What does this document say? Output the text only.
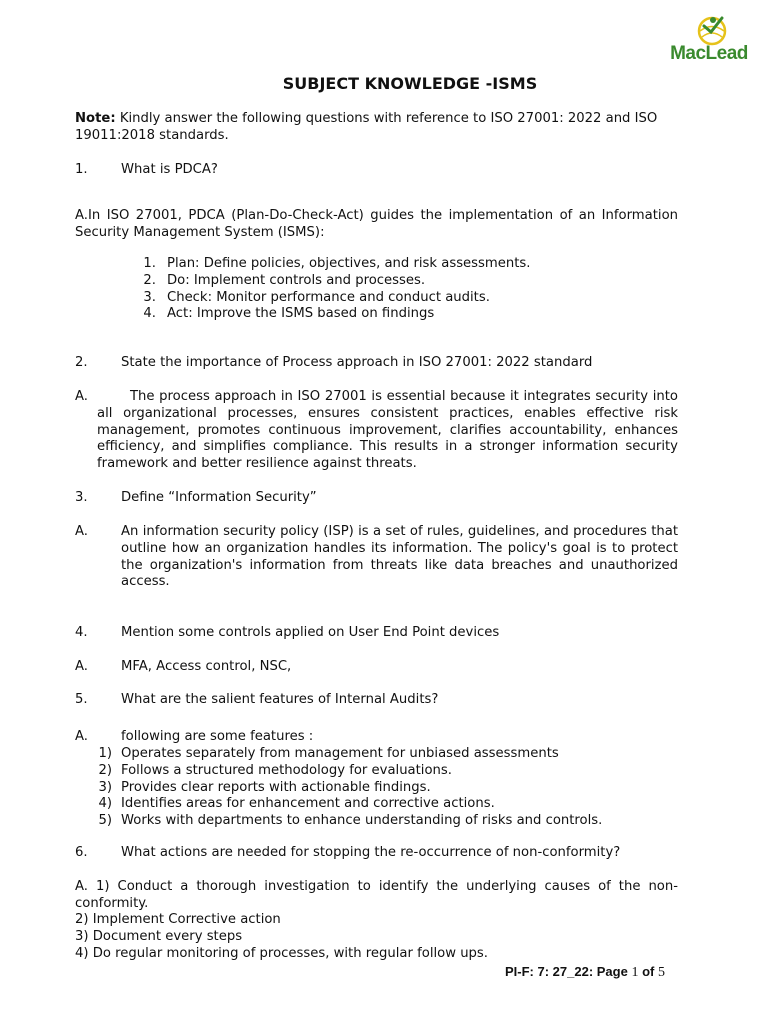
MacLead
SUBJECT KNOWLEDGE -ISMS
Note: Kindly answer the following questions with reference to ISO 27001: 2022 and ISO 19011:2018 standards.
1.	What is PDCA?
A.In ISO 27001, PDCA (Plan-Do-Check-Act) guides the implementation of an Information Security Management System (ISMS):
1. Plan: Define policies, objectives, and risk assessments.
2. Do: Implement controls and processes.
3. Check: Monitor performance and conduct audits.
4. Act: Improve the ISMS based on findings
2.	State the importance of Process approach in ISO 27001: 2022 standard
A.	The process approach in ISO 27001 is essential because it integrates security into all organizational processes, ensures consistent practices, enables effective risk management, promotes continuous improvement, clarifies accountability, enhances efficiency, and simplifies compliance. This results in a stronger information security framework and better resilience against threats.
3.	Define “Information Security”
A.	An information security policy (ISP) is a set of rules, guidelines, and procedures that outline how an organization handles its information. The policy's goal is to protect the organization's information from threats like data breaches and unauthorized access.
4.	Mention some controls applied on User End Point devices
A.	MFA, Access control, NSC,
5.	What are the salient features of Internal Audits?
A.	following are some features :
1) Operates separately from management for unbiased assessments
2) Follows a structured methodology for evaluations.
3) Provides clear reports with actionable findings.
4) Identifies areas for enhancement and corrective actions.
5) Works with departments to enhance understanding of risks and controls.
6.	What actions are needed for stopping the re-occurrence of non-conformity?
A. 1) Conduct a thorough investigation to identify the underlying causes of the non-conformity.
2) Implement Corrective action
3) Document every steps
4) Do regular monitoring of processes, with regular follow ups.
PI-F: 7: 27_22: Page 1 of 5
